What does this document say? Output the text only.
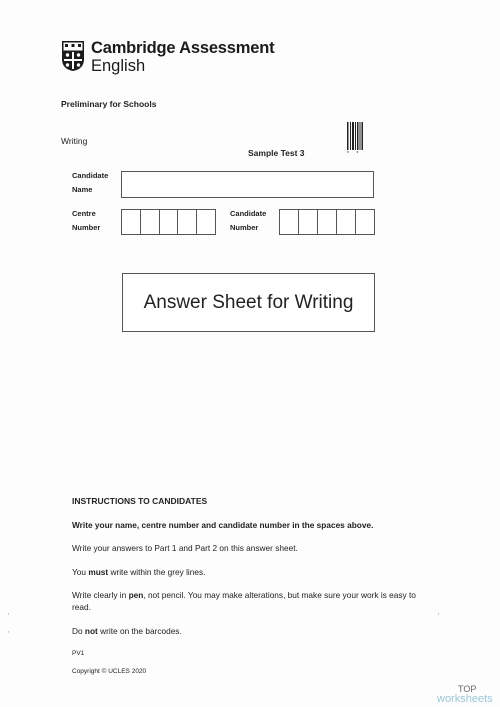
Cambridge Assessment
English
Preliminary for Schools
Writing
Sample Test 3	* *
Candidate
Name
Centre
Number
Candidate
Number
Answer Sheet for Writing
INSTRUCTIONS TO CANDIDATES
Write your name, centre number and candidate number in the spaces above.
Write your answers to Part 1 and Part 2 on this answer sheet.
You must write within the grey lines.
Write clearly in pen, not pencil. You may make alterations, but make sure your work is easy to read.
Do not write on the barcodes.
PV1
Copyright © UCLES 2020
'
'
'
TOP
worksheets
